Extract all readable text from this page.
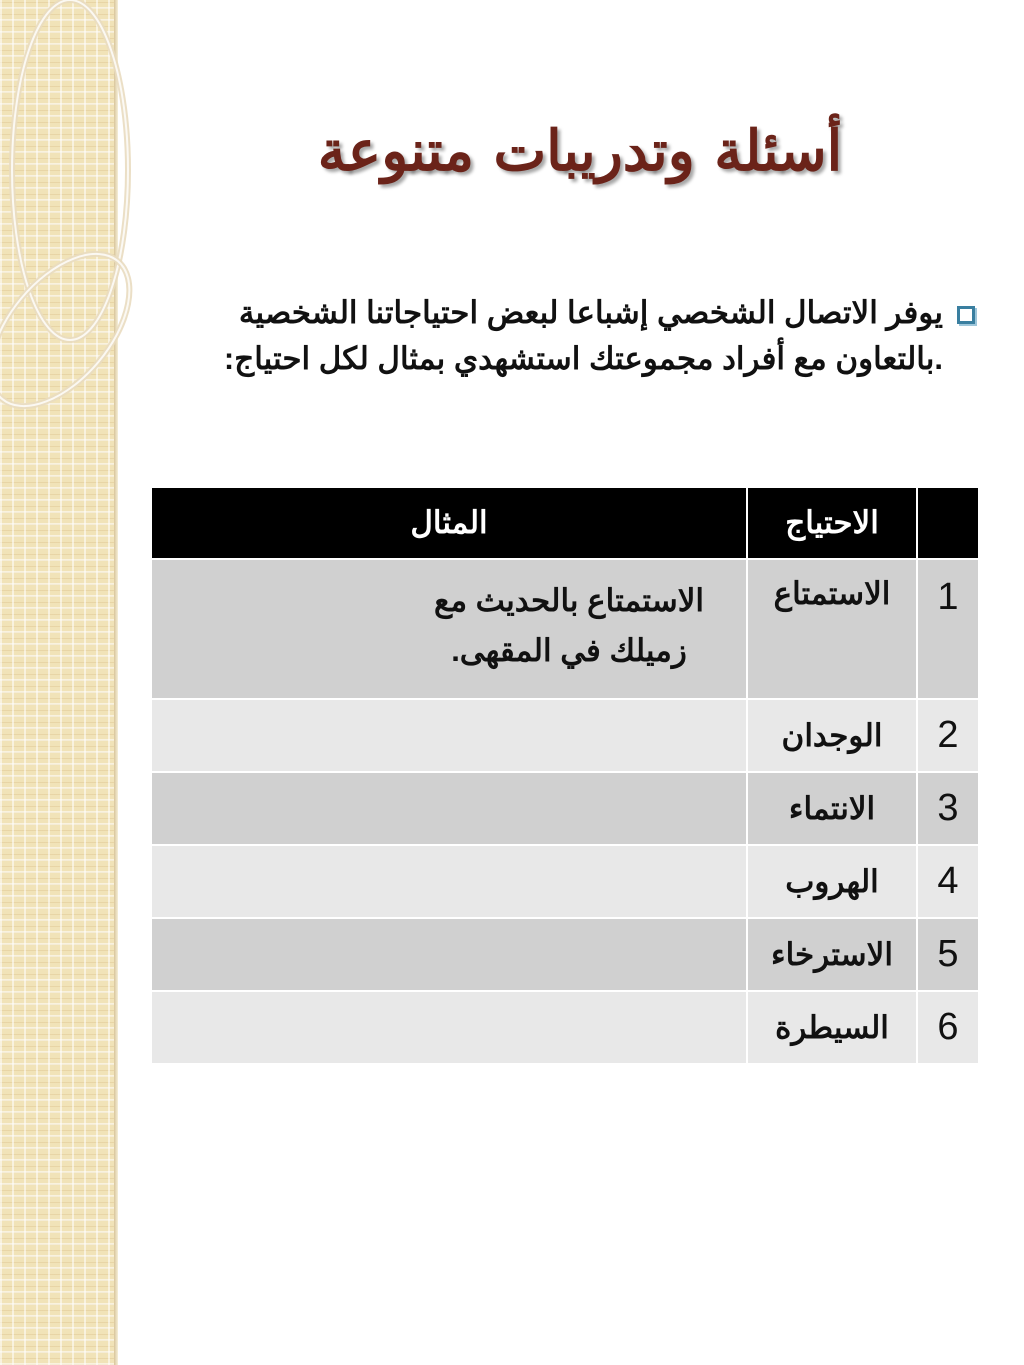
أسئلة وتدريبات متنوعة
يوفر الاتصال الشخصي إشباعا لبعض احتياجاتنا الشخصية .بالتعاون مع أفراد مجموعتك استشهدي بمثال لكل احتياج:
	الاحتياج	المثال
1	الاستمتاع	الاستمتاع بالحديث مع زميلك في المقهى.
2	الوجدان	
3	الانتماء	
4	الهروب	
5	الاسترخاء	
6	السيطرة	
